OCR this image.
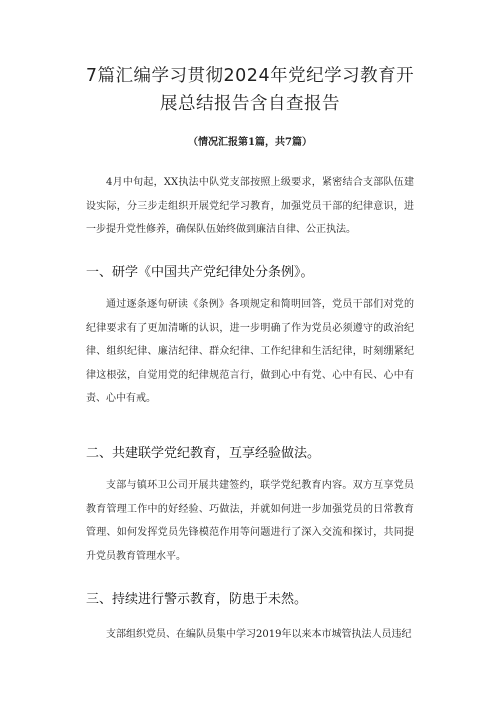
7篇汇编学习贯彻2024年党纪学习教育开
展总结报告含自查报告
（情况汇报第1篇，共7篇）
4月中旬起，XX执法中队党支部按照上级要求，紧密结合支部队伍建设实际，分三步走组织开展党纪学习教育，加强党员干部的纪律意识，进一步提升党性修养，确保队伍始终做到廉洁自律、公正执法。
一、研学《中国共产党纪律处分条例》。
通过逐条逐句研读《条例》各项规定和简明回答，党员干部们对党的纪律要求有了更加清晰的认识，进一步明确了作为党员必须遵守的政治纪律、组织纪律、廉洁纪律、群众纪律、工作纪律和生活纪律，时刻绷紧纪律这根弦，自觉用党的纪律规范言行，做到心中有党、心中有民、心中有责、心中有戒。
二、共建联学党纪教育，互享经验做法。
支部与镇环卫公司开展共建签约，联学党纪教育内容。双方互享党员教育管理工作中的好经验、巧做法，并就如何进一步加强党员的日常教育管理、如何发挥党员先锋模范作用等问题进行了深入交流和探讨，共同提升党员教育管理水平。
三、持续进行警示教育，防患于未然。
支部组织党员、在编队员集中学习2019年以来本市城管执法人员违纪
